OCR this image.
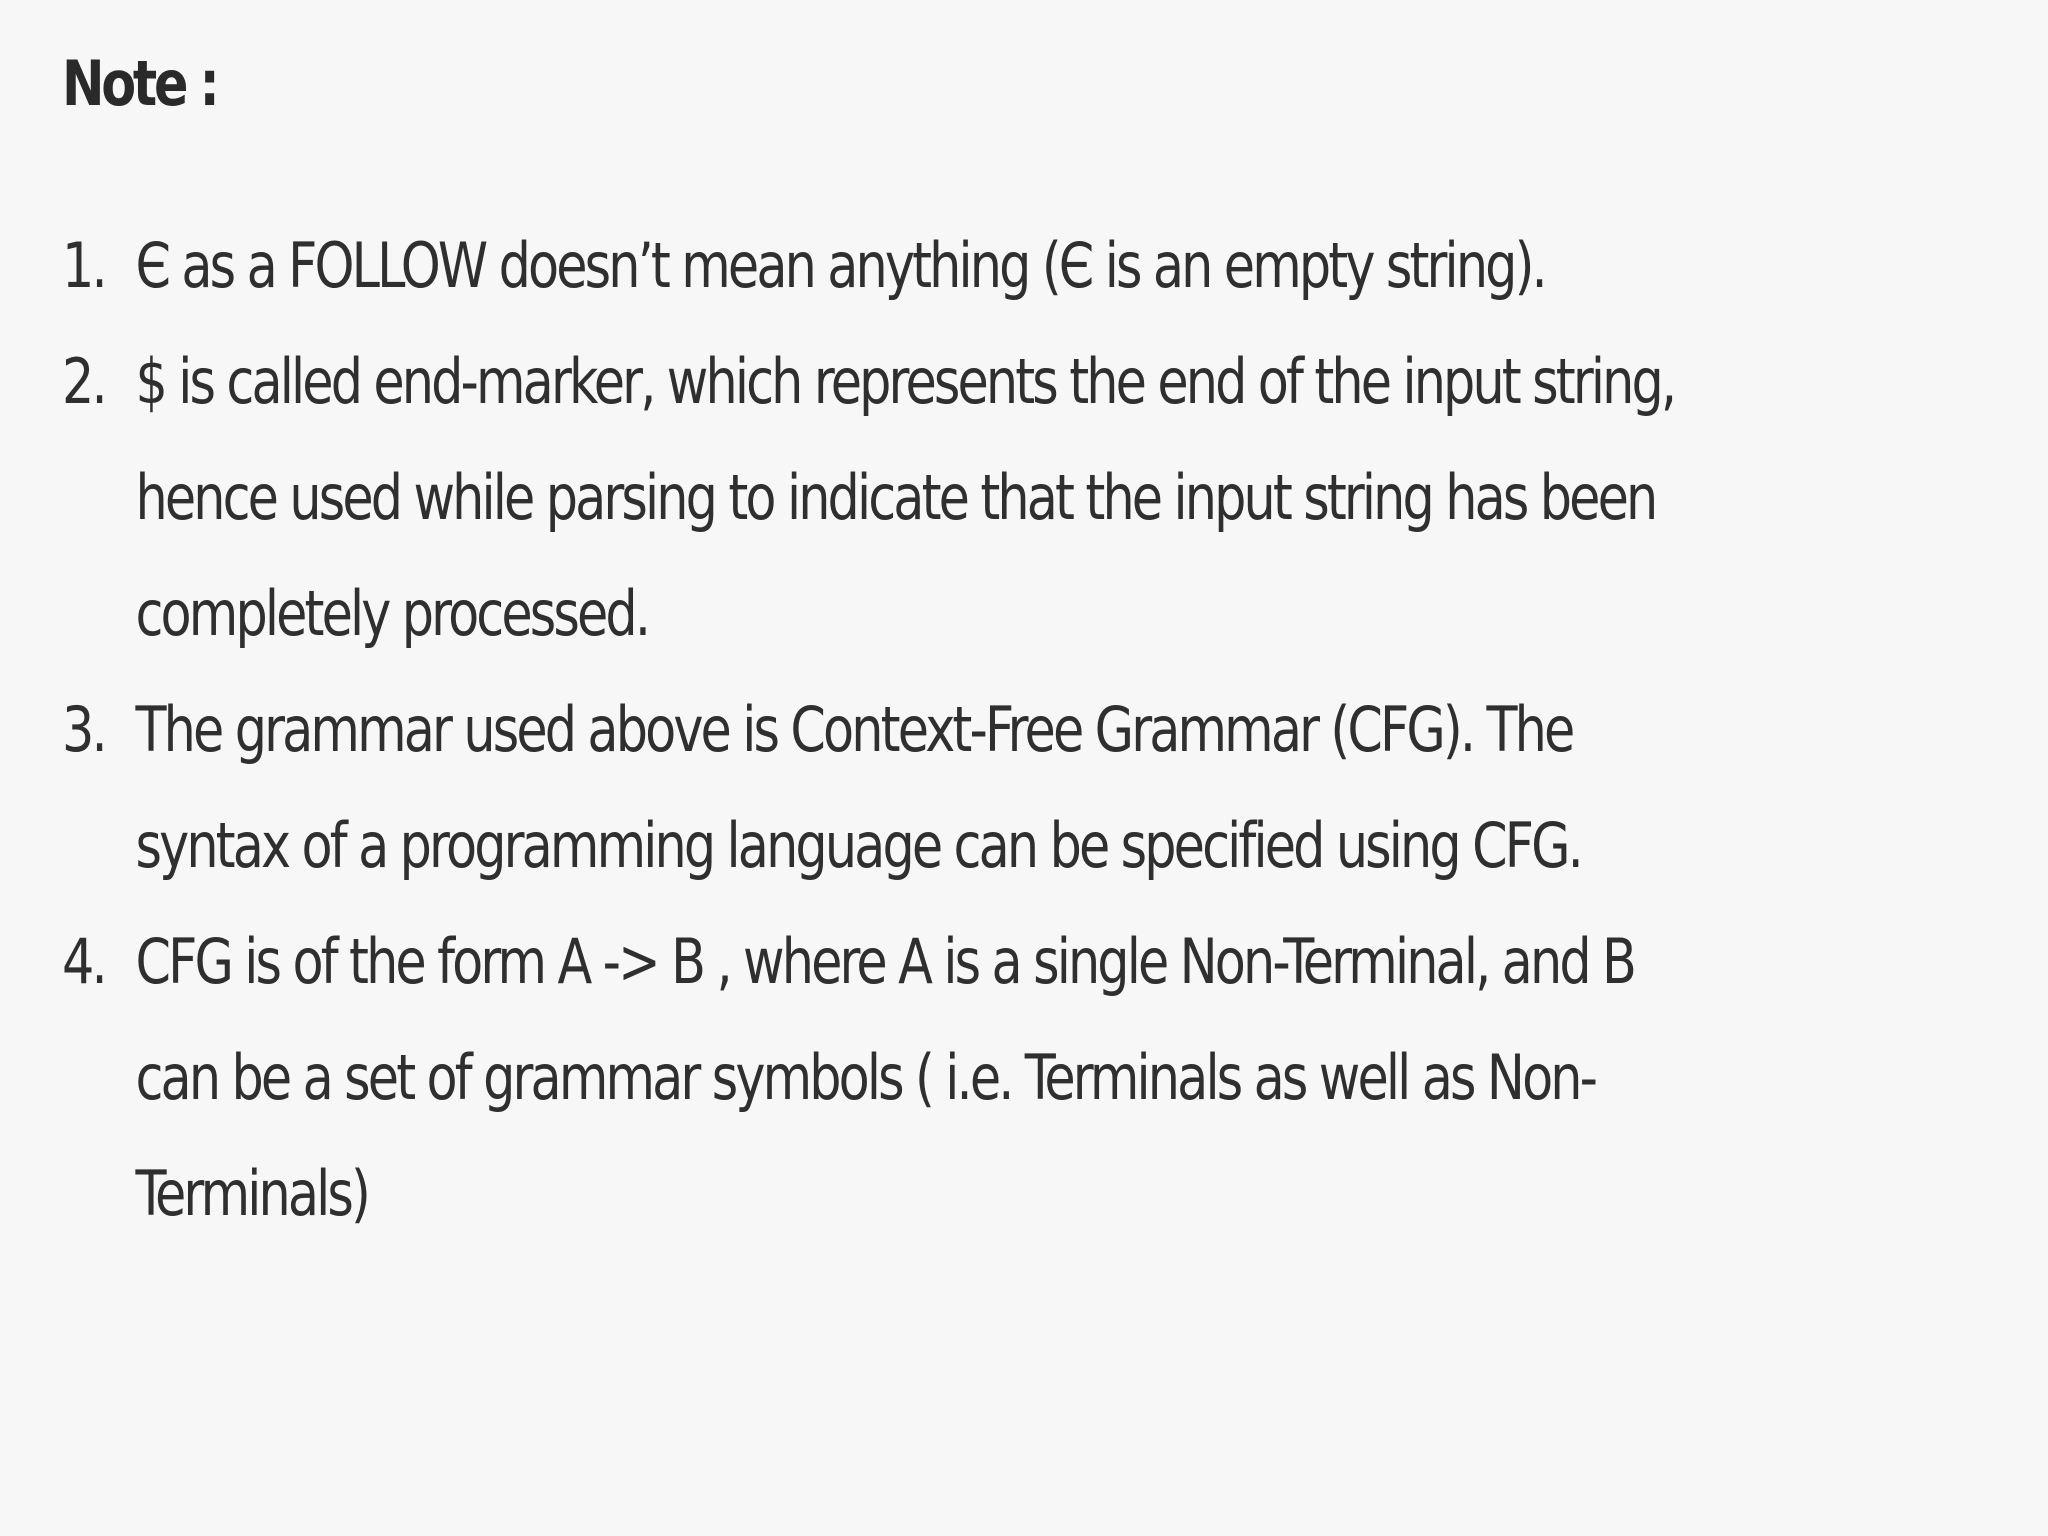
Note :
1. Є as a FOLLOW doesn’t mean anything (Є is an empty string).
2. $ is called end-marker, which represents the end of the input string, hence used while parsing to indicate that the input string has been completely processed.
3. The grammar used above is Context-Free Grammar (CFG). The syntax of a programming language can be specified using CFG.
4. CFG is of the form A -> B , where A is a single Non-Terminal, and B can be a set of grammar symbols ( i.e. Terminals as well as Non-Terminals)
